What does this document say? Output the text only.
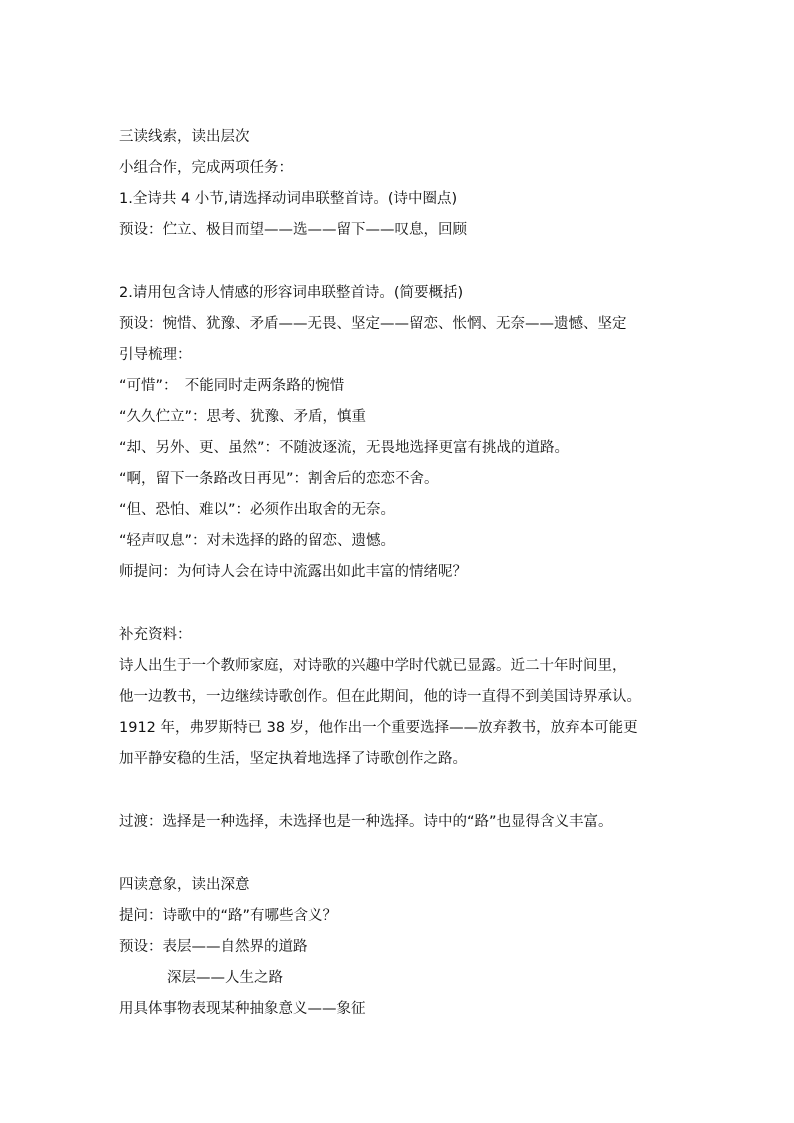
三读线索，读出层次
小组合作，完成两项任务：
1.全诗共 4 小节,请选择动词串联整首诗。(诗中圈点)
预设：伫立、极目而望——选——留下——叹息，回顾
2.请用包含诗人情感的形容词串联整首诗。(简要概括)
预设：惋惜、犹豫、矛盾——无畏、坚定——留恋、怅惘、无奈——遗憾、坚定
引导梳理：
“可惜”：　不能同时走两条路的惋惜
“久久伫立”：思考、犹豫、矛盾，慎重
“却、另外、更、虽然”：不随波逐流，无畏地选择更富有挑战的道路。
“啊，留下一条路改日再见”：割舍后的恋恋不舍。
“但、恐怕、难以”：必须作出取舍的无奈。
“轻声叹息”：对未选择的路的留恋、遗憾。
师提问：为何诗人会在诗中流露出如此丰富的情绪呢？
补充资料：
诗人出生于一个教师家庭，对诗歌的兴趣中学时代就已显露。近二十年时间里，
他一边教书，一边继续诗歌创作。但在此期间，他的诗一直得不到美国诗界承认。
1912 年，弗罗斯特已 38 岁，他作出一个重要选择——放弃教书，放弃本可能更
加平静安稳的生活，坚定执着地选择了诗歌创作之路。
过渡：选择是一种选择，未选择也是一种选择。诗中的“路”也显得含义丰富。
四读意象，读出深意
提问：诗歌中的“路”有哪些含义？
预设：表层——自然界的道路
深层——人生之路
用具体事物表现某种抽象意义——象征
